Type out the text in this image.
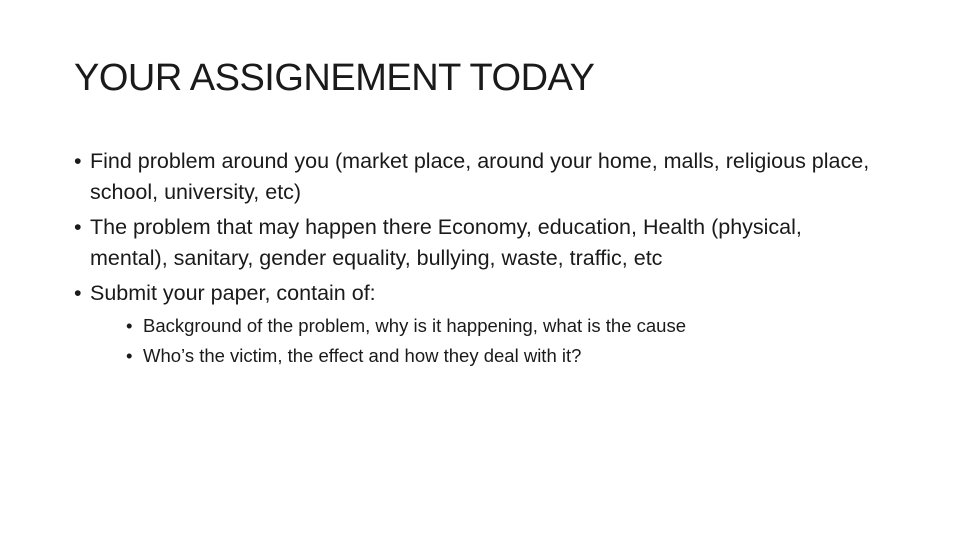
YOUR ASSIGNEMENT TODAY
• Find problem around you (market place, around your home, malls, religious place, school, university, etc)
• The problem that may happen there Economy, education, Health (physical, mental), sanitary, gender equality, bullying, waste, traffic, etc
• Submit your paper, contain of:
• Background of the problem, why is it happening, what is the cause
• Who’s the victim, the effect and how they deal with it?
